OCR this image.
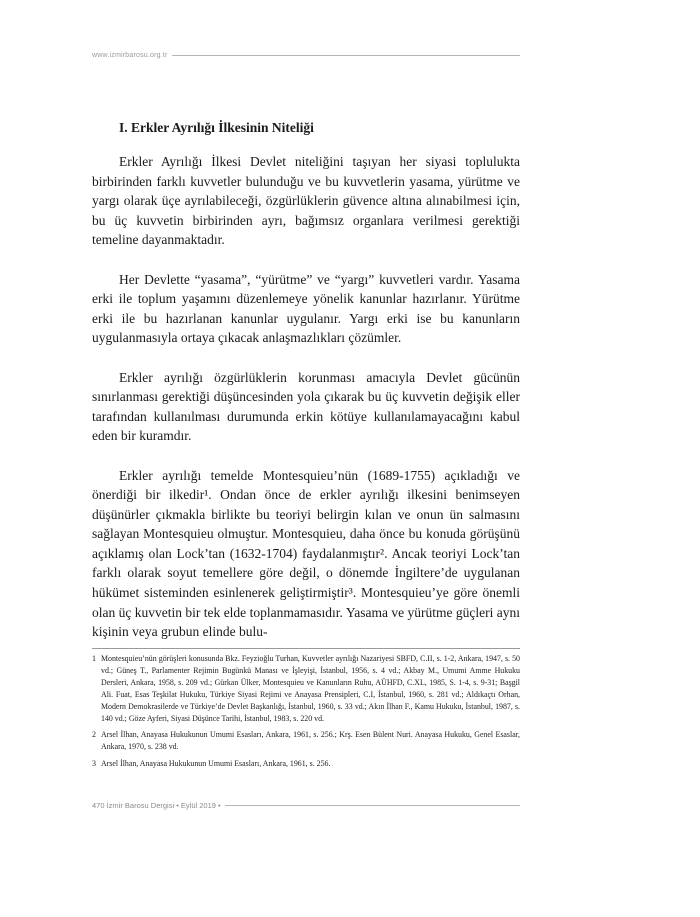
www.izmirbarosu.org.tr
I. Erkler Ayrılığı İlkesinin Niteliği

Erkler Ayrılığı İlkesi Devlet niteliğini taşıyan her siyasi toplulukta birbirinden farklı kuvvetler bulunduğu ve bu kuvvetlerin yasama, yürütme ve yargı olarak üçe ayrılabileceği, özgürlüklerin güvence altına alınabilmesi için, bu üç kuvvetin birbirinden ayrı, bağımsız organlara verilmesi gerektiği temeline dayanmaktadır.

Her Devlette “yasama”, “yürütme” ve “yargı” kuvvetleri vardır. Yasama erki ile toplum yaşamını düzenlemeye yönelik kanunlar hazırlanır. Yürütme erki ile bu hazırlanan kanunlar uygulanır. Yargı erki ise bu kanunların uygulanmasıyla ortaya çıkacak anlaşmazlıkları çözümler.

Erkler ayrılığı özgürlüklerin korunması amacıyla Devlet gücünün sınırlanması gerektiği düşüncesinden yola çıkarak bu üç kuvvetin değişik eller tarafından kullanılması durumunda erkin kötüye kullanılamayacağını kabul eden bir kuramdır.

Erkler ayrılığı temelde Montesquieu’nün (1689-1755) açıkladığı ve önerdiği bir ilkedir¹. Ondan önce de erkler ayrılığı ilkesini benimseyen düşünürler çıkmakla birlikte bu teoriyi belirgin kılan ve onun ün salmasını sağlayan Montesquieu olmuştur. Montesquieu, daha önce bu konuda görüşünü açıklamış olan Lock’tan (1632-1704) faydalanmıştır². Ancak teoriyi Lock’tan farklı olarak soyut temellere göre değil, o dönemde İngiltere’de uygulanan hükümet sisteminden esinlenerek geliştirmiştir³. Montesquieu’ye göre önemli olan üç kuvvetin bir tek elde toplanmamasıdır. Yasama ve yürütme güçleri aynı kişinin veya grubun elinde bulu-

1 Montesquieu’nün görüşleri konusunda Bkz. Feyzioğlu Turhan, Kuvvetler ayrılığı Nazariyesi SBFD, C.II, s. 1-2, Ankara, 1947, s. 50 vd.; Güneş T., Parlamenter Rejimin Bugünkü Manası ve İşleyişi, İstanbul, 1956, s. 4 vd.; Akbay M., Umumi Amme Hukuku Dersleri, Ankara, 1958, s. 209 vd.; Gürkan Ülker, Montesquieu ve Kanunların Ruhu, AÜHFD, C.XL, 1985, S. 1-4, s. 9-31; Başgil Ali. Fuat, Esas Teşkilat Hukuku, Türkiye Siyasi Rejimi ve Anayasa Prensipleri, C.I, İstanbul, 1960, s. 281 vd.; Aldıkaçtı Orhan, Modern Demokrasilerde ve Türkiye’de Devlet Başkanlığı, İstanbul, 1960, s. 33 vd.; Akın İlhan F., Kamu Hukuku, İstanbul, 1987, s. 140 vd.; Göze Ayferi, Siyasi Düşünce Tarihi, İstanbul, 1983, s. 220 vd.
2 Arsel İlhan, Anayasa Hukukunun Umumi Esasları, Ankara, 1961, s. 256.; Krş. Esen Bülent Nuri. Anayasa Hukuku, Genel Esaslar, Ankara, 1970, s. 238 vd.
3 Arsel İlhan, Anayasa Hukukunun Umumi Esasları, Ankara, 1961, s. 256.
470 İzmir Barosu Dergisi • Eylül 2019 •
